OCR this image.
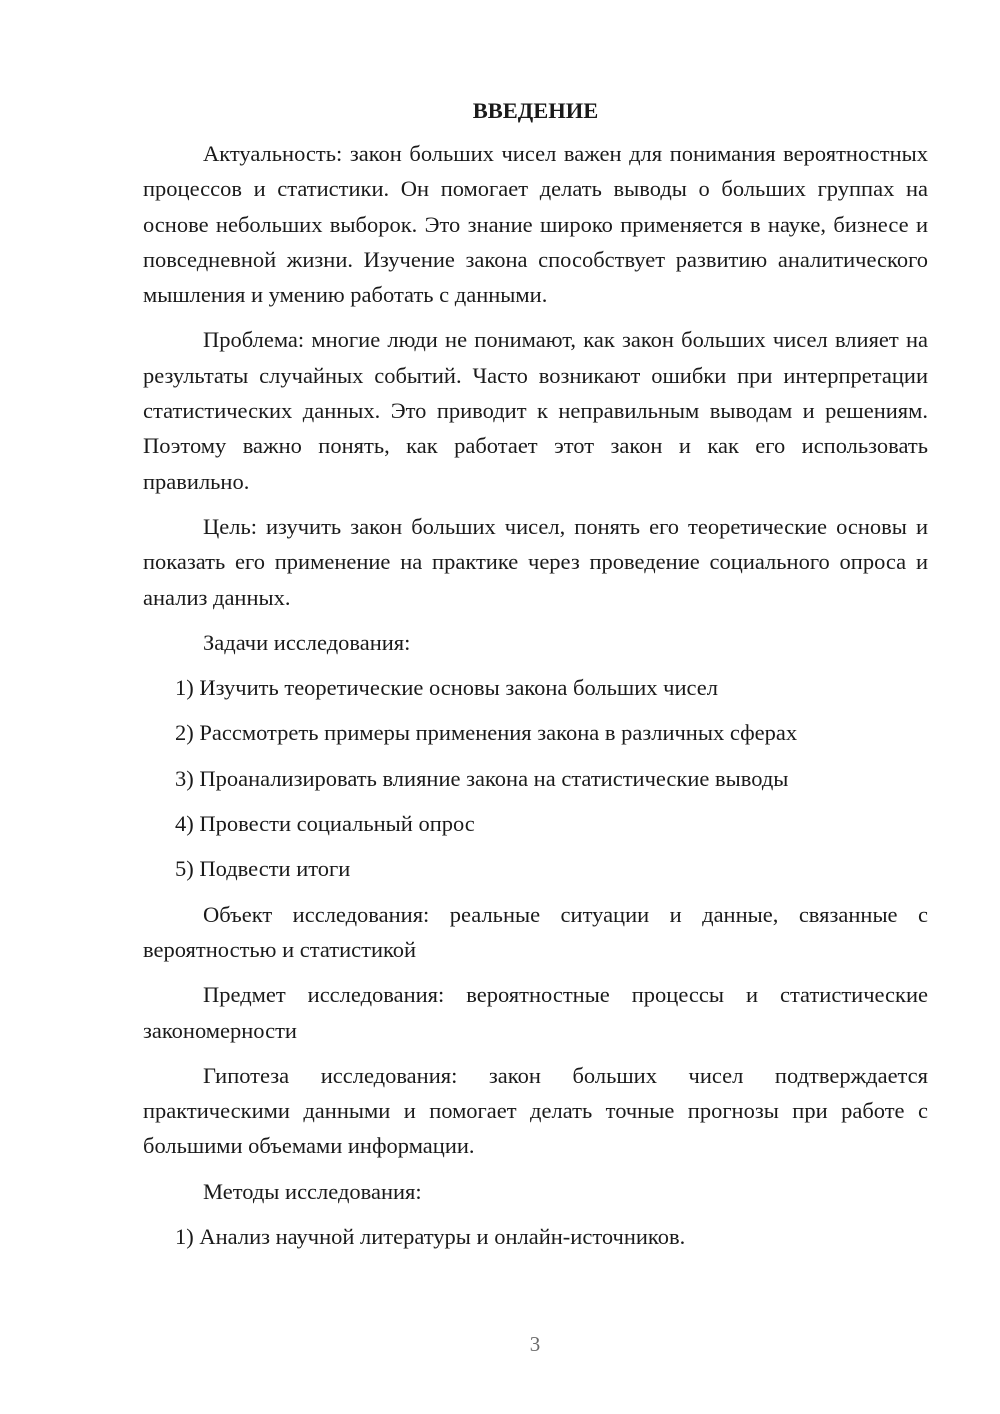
ВВЕДЕНИЕ

Актуальность: закон больших чисел важен для понимания вероятностных процессов и статистики. Он помогает делать выводы о больших группах на основе небольших выборок. Это знание широко применяется в науке, бизнесе и повседневной жизни. Изучение закона способствует развитию аналитического мышления и умению работать с данными.

Проблема: многие люди не понимают, как закон больших чисел влияет на результаты случайных событий. Часто возникают ошибки при интерпретации статистических данных. Это приводит к неправильным выводам и решениям. Поэтому важно понять, как работает этот закон и как его использовать правильно.

Цель: изучить закон больших чисел, понять его теоретические основы и показать его применение на практике через проведение социального опроса и анализ данных.

Задачи исследования:

1) Изучить теоретические основы закона больших чисел
2) Рассмотреть примеры применения закона в различных сферах
3) Проанализировать влияние закона на статистические выводы
4) Провести социальный опрос
5) Подвести итоги

Объект исследования: реальные ситуации и данные, связанные с вероятностью и статистикой

Предмет исследования: вероятностные процессы и статистические закономерности

Гипотеза исследования: закон больших чисел подтверждается практическими данными и помогает делать точные прогнозы при работе с большими объемами информации.

Методы исследования:

1) Анализ научной литературы и онлайн-источников.
3
